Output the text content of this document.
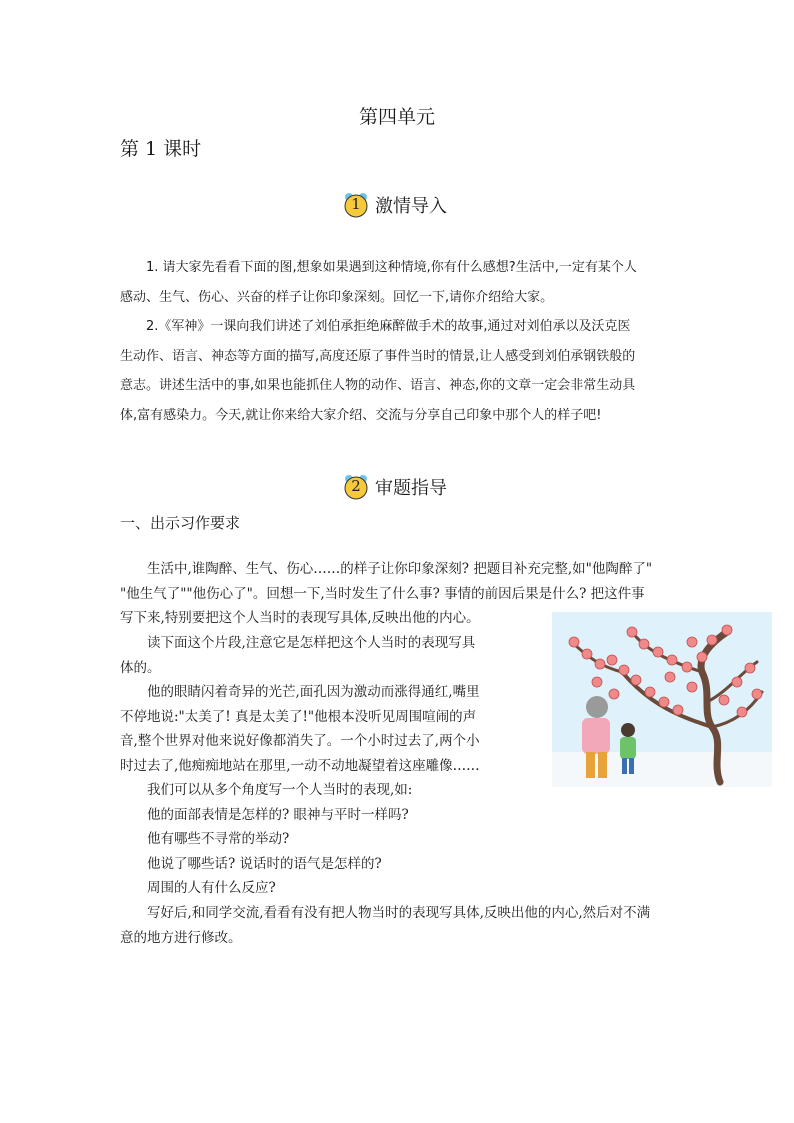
第四单元
第 1 课时
1 激情导入
1. 请大家先看看下面的图,想象如果遇到这种情境,你有什么感想?生活中,一定有某个人
感动、生气、伤心、兴奋的样子让你印象深刻。回忆一下,请你介绍给大家。
2.《军神》一课向我们讲述了刘伯承拒绝麻醉做手术的故事,通过对刘伯承以及沃克医
生动作、语言、神态等方面的描写,高度还原了事件当时的情景,让人感受到刘伯承钢铁般的
意志。讲述生活中的事,如果也能抓住人物的动作、语言、神态,你的文章一定会非常生动具
体,富有感染力。今天,就让你来给大家介绍、交流与分享自己印象中那个人的样子吧!
2 审题指导
一、出示习作要求
生活中,谁陶醉、生气、伤心……的样子让你印象深刻? 把题目补充完整,如"他陶醉了"
"他生气了""他伤心了"。回想一下,当时发生了什么事? 事情的前因后果是什么? 把这件事
写下来,特别要把这个人当时的表现写具体,反映出他的内心。
读下面这个片段,注意它是怎样把这个人当时的表现写具
体的。
他的眼睛闪着奇异的光芒,面孔因为激动而涨得通红,嘴里
不停地说:"太美了! 真是太美了!"他根本没听见周围喧闹的声
音,整个世界对他来说好像都消失了。一个小时过去了,两个小
时过去了,他痴痴地站在那里,一动不动地凝望着这座雕像……
我们可以从多个角度写一个人当时的表现,如:
他的面部表情是怎样的? 眼神与平时一样吗?
他有哪些不寻常的举动?
他说了哪些话? 说话时的语气是怎样的?
周围的人有什么反应?
写好后,和同学交流,看看有没有把人物当时的表现写具体,反映出他的内心,然后对不满
意的地方进行修改。
